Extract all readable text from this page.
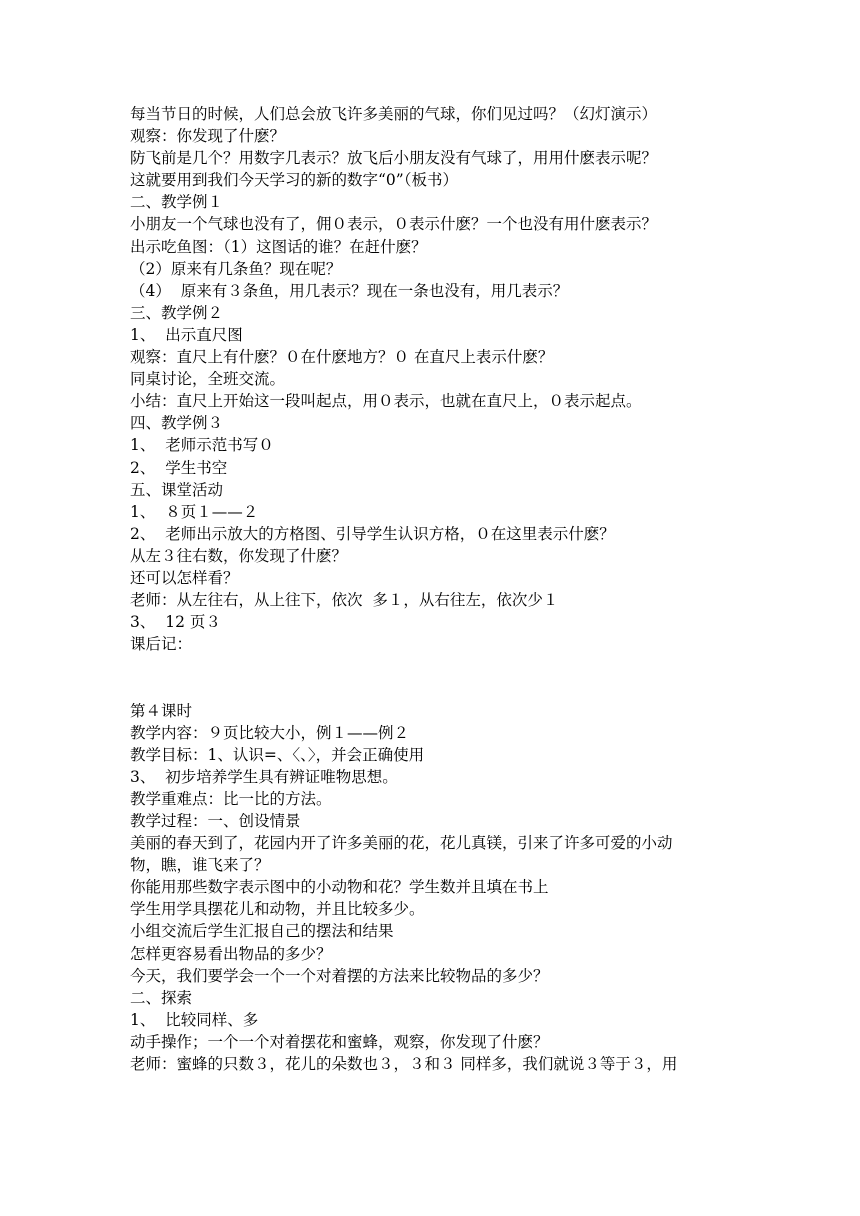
每当节日的时候，人们总会放飞许多美丽的气球，你们见过吗？（幻灯演示）
观察：你发现了什麽？
防飞前是几个？用数字几表示？放飞后小朋友没有气球了，用用什麽表示呢？
这就要用到我们今天学习的新的数字“0”（板书）
二、教学例１
小朋友一个气球也没有了，佣０表示，０表示什麽？一个也没有用什麽表示？
出示吃鱼图：（1）这图话的谁？在赶什麽？
（2）原来有几条鱼？现在呢？
（4）  原来有３条鱼，用几表示？现在一条也没有，用几表示？
三、教学例２
1、  出示直尺图
观察：直尺上有什麽？０在什麽地方？０ 在直尺上表示什麽？
同桌讨论，全班交流。
小结：直尺上开始这一段叫起点，用０表示，也就在直尺上，０表示起点。
四、教学例３
1、  老师示范书写０
2、  学生书空
五、课堂活动
1、  ８页１——２
2、  老师出示放大的方格图、引导学生认识方格，０在这里表示什麽？
从左３往右数，你发现了什麽？
还可以怎样看？
老师：从左往右，从上往下，依次  多１，从右往左，依次少１
3、  12 页３
课后记：
第４课时
教学内容：９页比较大小，例１——例２
教学目标：1、认识=、〈、〉，并会正确使用
3、  初步培养学生具有辨证唯物思想。
教学重难点：比一比的方法。
教学过程：一、创设情景
美丽的春天到了，花园内开了许多美丽的花，花儿真镁，引来了许多可爱的小动
物，瞧，谁飞来了？
你能用那些数字表示图中的小动物和花？学生数并且填在书上
学生用学具摆花儿和动物，并且比较多少。
小组交流后学生汇报自己的摆法和结果
怎样更容易看出物品的多少？
今天，我们要学会一个一个对着摆的方法来比较物品的多少？
二、探索
1、  比较同样、多
动手操作；一个一个对着摆花和蜜蜂，观察，你发现了什麽？
老师：蜜蜂的只数３，花儿的朵数也３，３和３ 同样多，我们就说３等于３，用
